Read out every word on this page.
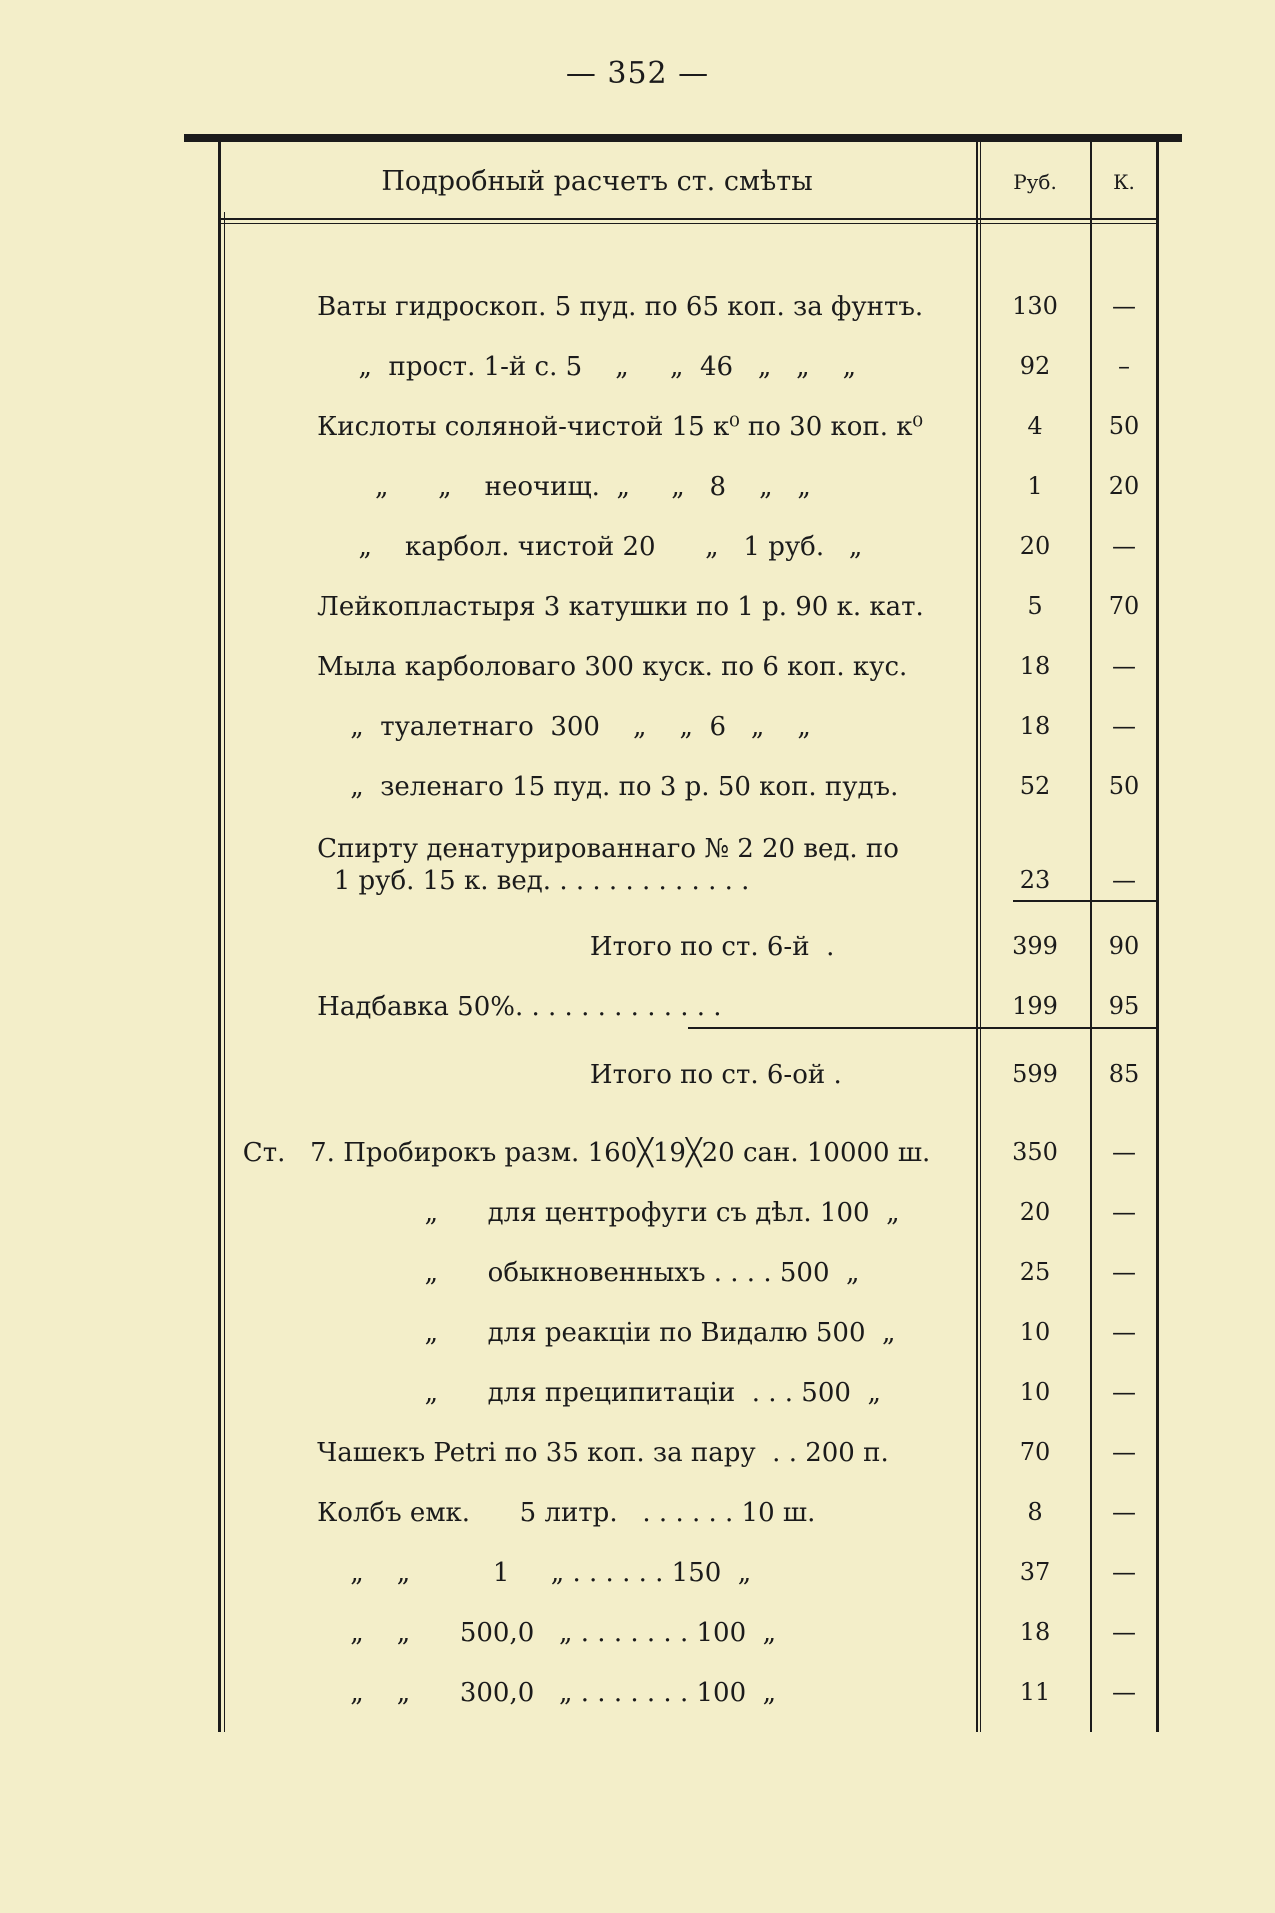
— 352 —
Подробный расчетъ ст. смѣты	Руб.	К.
Ваты гидроскоп. 5 пуд. по 65 коп. за фунтъ.	130	—
„  прост. 1-й с. 5    „     „  46   „   „    „	92	–
Кислоты соляной-чистой 15 к⁰ по 30 коп. к⁰	4	50
„      „    неочищ.  „     „   8    „   „	1	20
„    карбол. чистой 20      „   1 руб.   „	20	—
Лейкопластыря 3 катушки по 1 р. 90 к. кат.	5	70
Мыла карболоваго 300 куск. по 6 коп. кус.	18	—
„  туалетнаго  300    „    „  6   „    „	18	—
„  зеленаго 15 пуд. по 3 р. 50 коп. пудъ.	52	50
Спирту денатурированнаго № 2 20 вед. по
1 руб. 15 к. вед. . . . . . . . . . . . .	23	—
Итого по ст. 6-й  .	399	90
Надбавка 50%. . . . . . . . . . . . .	199	95
Итого по ст. 6-ой .	599	85
Ст.   7. Пробирокъ разм. 160╳19╳20 сан. 10000 ш.	350	—
„      для центрофуги съ дѣл. 100  „	20	—
„      обыкновенныхъ . . . . 500  „	25	—
„      для реакціи по Видалю 500  „	10	—
„      для преципитаціи  . . . 500  „	10	—
Чашекъ Petri по 35 коп. за пару  . . 200 п.	70	—
Колбъ емк.      5 литр.   . . . . . . 10 ш.	8	—
„    „          1     „ . . . . . . 150  „	37	—
„    „      500,0   „ . . . . . . . 100  „	18	—
„    „      300,0   „ . . . . . . . 100  „	11	—
